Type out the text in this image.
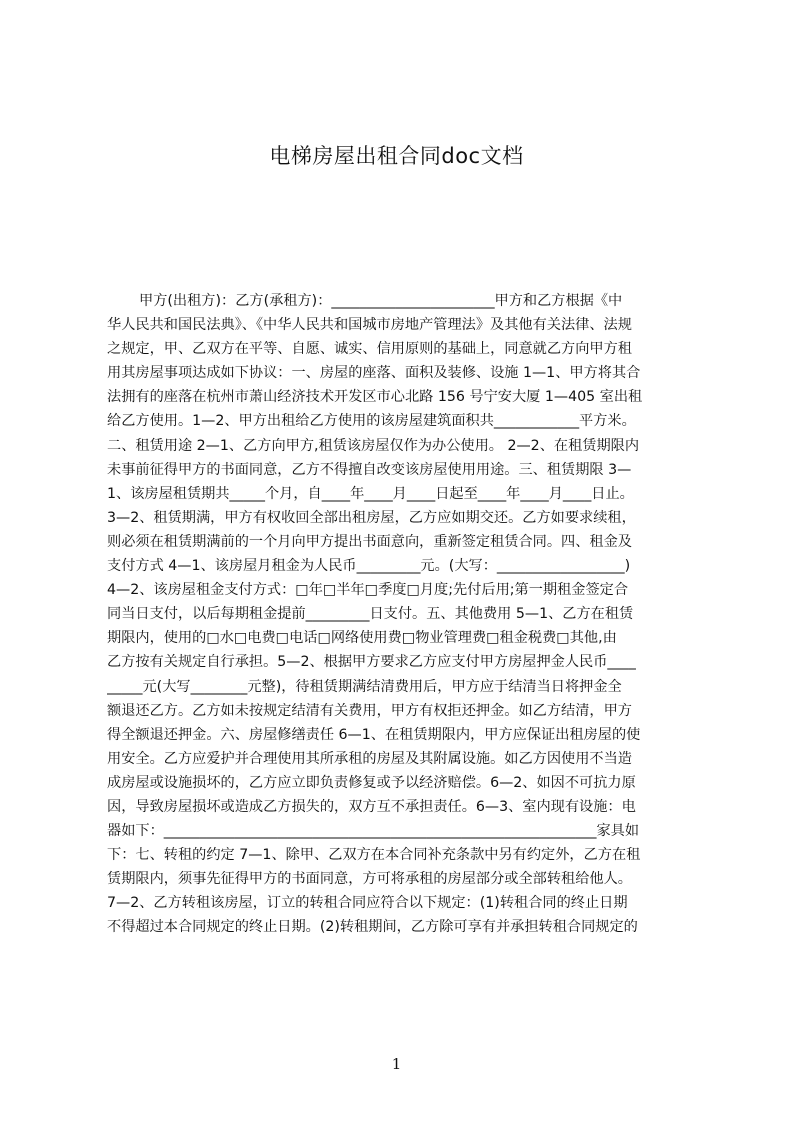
电梯房屋出租合同doc文档
甲方(出租方)：乙方(承租方)：_______________________甲方和乙方根据《中
华人民共和国民法典》、《中华人民共和国城市房地产管理法》及其他有关法律、法规
之规定，甲、乙双方在平等、自愿、诚实、信用原则的基础上，同意就乙方向甲方租
用其房屋事项达成如下协议：一、房屋的座落、面积及装修、设施 1—1、甲方将其合
法拥有的座落在杭州市萧山经济技术开发区市心北路 156 号宁安大厦 1—405 室出租
给乙方使用。1—2、甲方出租给乙方使用的该房屋建筑面积共____________平方米。
二、租赁用途 2—1、乙方向甲方,租赁该房屋仅作为办公使用。 2—2、在租赁期限内
未事前征得甲方的书面同意，乙方不得擅自改变该房屋使用用途。三、租赁期限 3—
1、该房屋租赁期共_____个月，自____年____月____日起至____年____月____日止。
3—2、租赁期满，甲方有权收回全部出租房屋，乙方应如期交还。乙方如要求续租，
则必须在租赁期满前的一个月向甲方提出书面意向，重新签定租赁合同。四、租金及
支付方式 4—1、该房屋月租金为人民币_________元。(大写：__________________)
4—2、该房屋租金支付方式：□年□半年□季度□月度;先付后用;第一期租金签定合
同当日支付，以后每期租金提前_________日支付。五、其他费用 5—1、乙方在租赁
期限内，使用的□水□电费□电话□网络使用费□物业管理费□租金税费□其他,由
乙方按有关规定自行承担。5—2、根据甲方要求乙方应支付甲方房屋押金人民币____
_____元(大写________元整)，待租赁期满结清费用后，甲方应于结清当日将押金全
额退还乙方。乙方如未按规定结清有关费用，甲方有权拒还押金。如乙方结清，甲方
得全额退还押金。六、房屋修缮责任 6—1、在租赁期限内，甲方应保证出租房屋的使
用安全。乙方应爱护并合理使用其所承租的房屋及其附属设施。如乙方因使用不当造
成房屋或设施损坏的，乙方应立即负责修复或予以经济赔偿。6—2、如因不可抗力原
因，导致房屋损坏或造成乙方损失的，双方互不承担责任。6—3、室内现有设施：电
器如下：_____________________________________________________________家具如
下：七、转租的约定 7—1、除甲、乙双方在本合同补充条款中另有约定外，乙方在租
赁期限内，须事先征得甲方的书面同意，方可将承租的房屋部分或全部转租给他人。
7—2、乙方转租该房屋，订立的转租合同应符合以下规定：(1)转租合同的终止日期
不得超过本合同规定的终止日期。(2)转租期间，乙方除可享有并承担转租合同规定的
1
